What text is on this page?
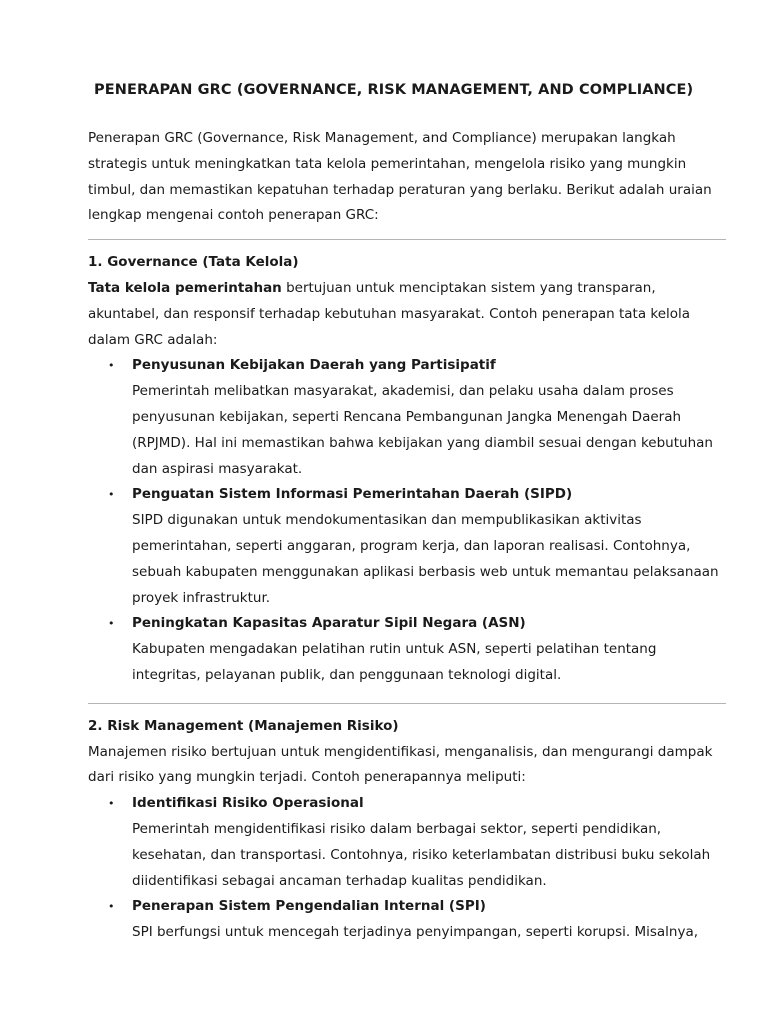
PENERAPAN GRC (GOVERNANCE, RISK MANAGEMENT, AND COMPLIANCE)

Penerapan GRC (Governance, Risk Management, and Compliance) merupakan langkah strategis untuk meningkatkan tata kelola pemerintahan, mengelola risiko yang mungkin timbul, dan memastikan kepatuhan terhadap peraturan yang berlaku. Berikut adalah uraian lengkap mengenai contoh penerapan GRC:

1. Governance (Tata Kelola)

Tata kelola pemerintahan bertujuan untuk menciptakan sistem yang transparan, akuntabel, dan responsif terhadap kebutuhan masyarakat. Contoh penerapan tata kelola dalam GRC adalah:

• Penyusunan Kebijakan Daerah yang Partisipatif
Pemerintah melibatkan masyarakat, akademisi, dan pelaku usaha dalam proses penyusunan kebijakan, seperti Rencana Pembangunan Jangka Menengah Daerah (RPJMD). Hal ini memastikan bahwa kebijakan yang diambil sesuai dengan kebutuhan dan aspirasi masyarakat.
• Penguatan Sistem Informasi Pemerintahan Daerah (SIPD)
SIPD digunakan untuk mendokumentasikan dan mempublikasikan aktivitas pemerintahan, seperti anggaran, program kerja, dan laporan realisasi. Contohnya, sebuah kabupaten menggunakan aplikasi berbasis web untuk memantau pelaksanaan proyek infrastruktur.
• Peningkatan Kapasitas Aparatur Sipil Negara (ASN)
Kabupaten mengadakan pelatihan rutin untuk ASN, seperti pelatihan tentang integritas, pelayanan publik, dan penggunaan teknologi digital.
2. Risk Management (Manajemen Risiko)

Manajemen risiko bertujuan untuk mengidentifikasi, menganalisis, dan mengurangi dampak dari risiko yang mungkin terjadi. Contoh penerapannya meliputi:

• Identifikasi Risiko Operasional
Pemerintah mengidentifikasi risiko dalam berbagai sektor, seperti pendidikan, kesehatan, dan transportasi. Contohnya, risiko keterlambatan distribusi buku sekolah diidentifikasi sebagai ancaman terhadap kualitas pendidikan.
• Penerapan Sistem Pengendalian Internal (SPI)
SPI berfungsi untuk mencegah terjadinya penyimpangan, seperti korupsi. Misalnya,
